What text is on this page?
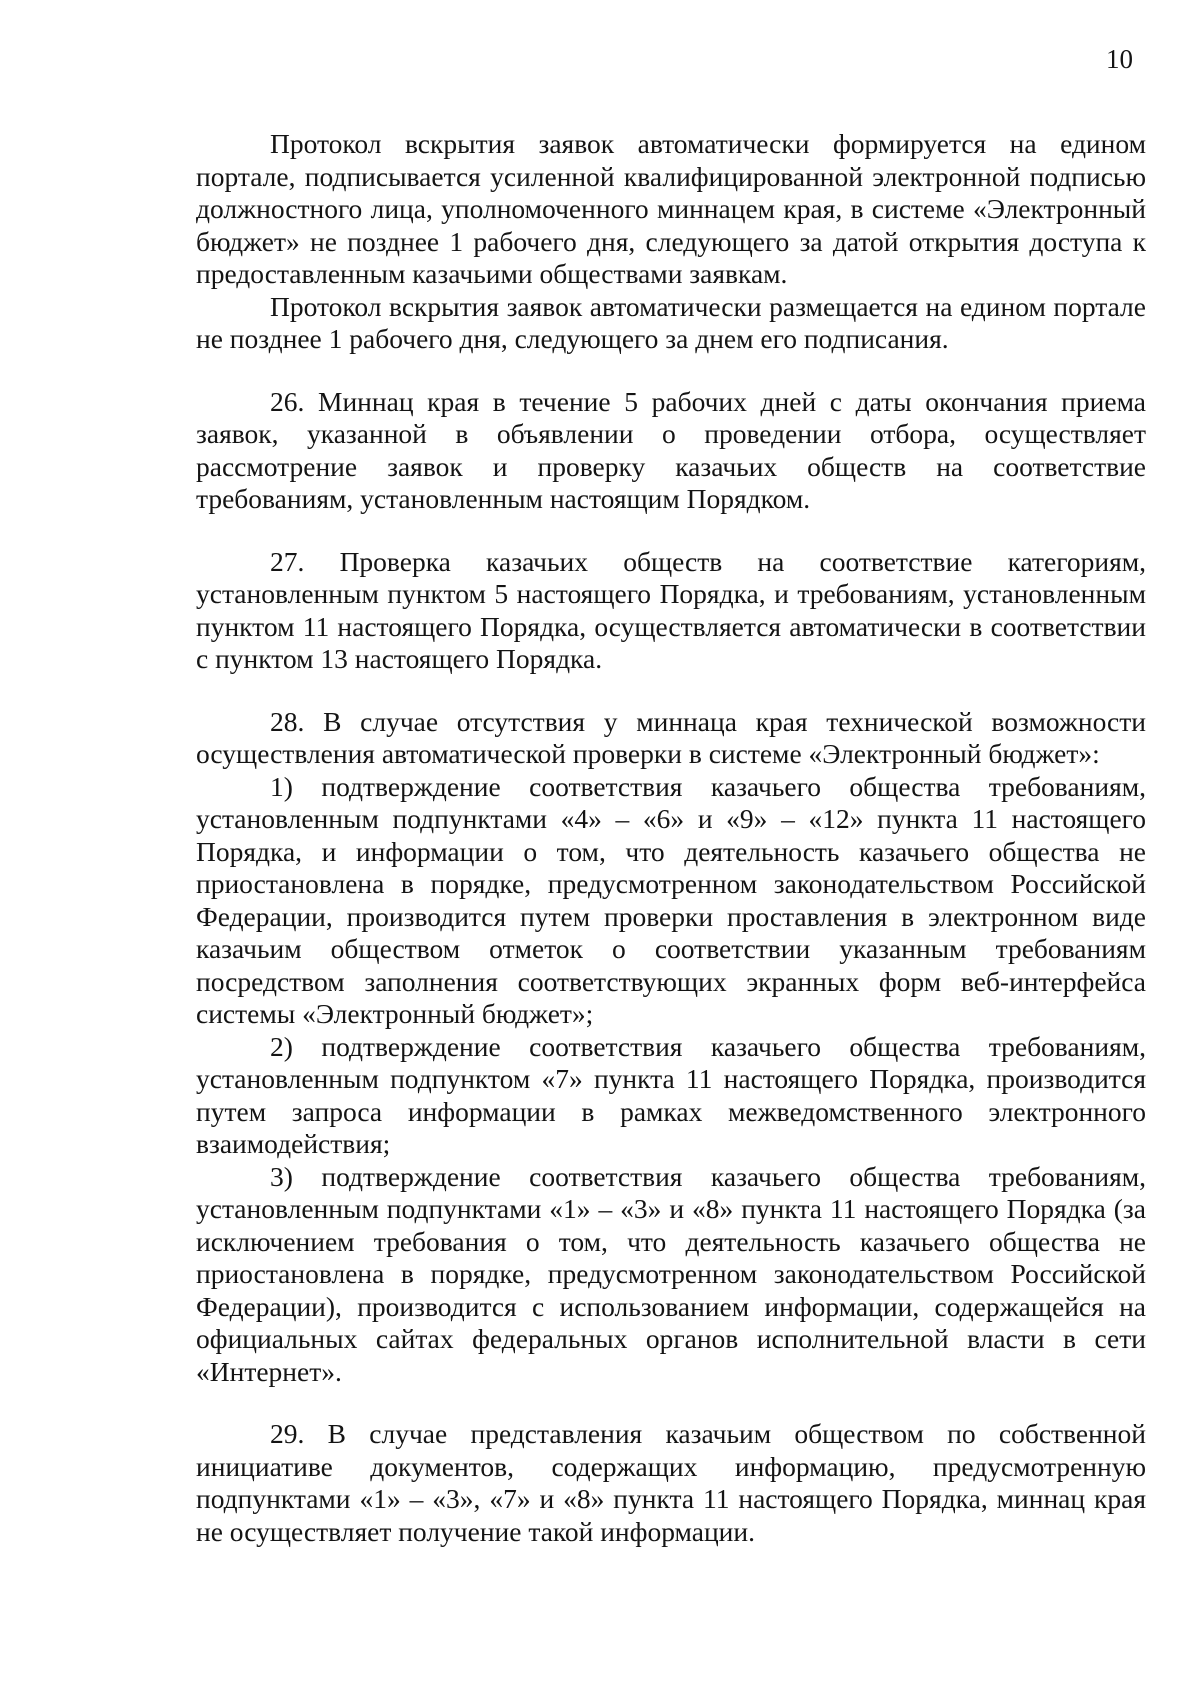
10

Протокол вскрытия заявок автоматически формируется на едином портале, подписывается усиленной квалифицированной электронной подписью должностного лица, уполномоченного миннацем края, в системе «Электронный бюджет» не позднее 1 рабочего дня, следующего за датой открытия доступа к предоставленным казачьими обществами заявкам.

Протокол вскрытия заявок автоматически размещается на едином портале не позднее 1 рабочего дня, следующего за днем его подписания.

26. Миннац края в течение 5 рабочих дней с даты окончания приема заявок, указанной в объявлении о проведении отбора, осуществляет рассмотрение заявок и проверку казачьих обществ на соответствие требованиям, установленным настоящим Порядком.

27. Проверка казачьих обществ на соответствие категориям, установленным пунктом 5 настоящего Порядка, и требованиям, установленным пунктом 11 настоящего Порядка, осуществляется автоматически в соответствии с пунктом 13 настоящего Порядка.

28. В случае отсутствия у миннаца края технической возможности осуществления автоматической проверки в системе «Электронный бюджет»:

1) подтверждение соответствия казачьего общества требованиям, установленным подпунктами «4» – «6» и «9» – «12» пункта 11 настоящего Порядка, и информации о том, что деятельность казачьего общества не приостановлена в порядке, предусмотренном законодательством Российской Федерации, производится путем проверки проставления в электронном виде казачьим обществом отметок о соответствии указанным требованиям посредством заполнения соответствующих экранных форм веб-интерфейса системы «Электронный бюджет»;

2) подтверждение соответствия казачьего общества требованиям, установленным подпунктом «7» пункта 11 настоящего Порядка, производится путем запроса информации в рамках межведомственного электронного взаимодействия;

3) подтверждение соответствия казачьего общества требованиям, установленным подпунктами «1» – «3» и «8» пункта 11 настоящего Порядка (за исключением требования о том, что деятельность казачьего общества не приостановлена в порядке, предусмотренном законодательством Российской Федерации), производится с использованием информации, содержащейся на официальных сайтах федеральных органов исполнительной власти в сети «Интернет».

29. В случае представления казачьим обществом по собственной инициативе документов, содержащих информацию, предусмотренную подпунктами «1» – «3», «7» и «8» пункта 11 настоящего Порядка, миннац края не осуществляет получение такой информации.
